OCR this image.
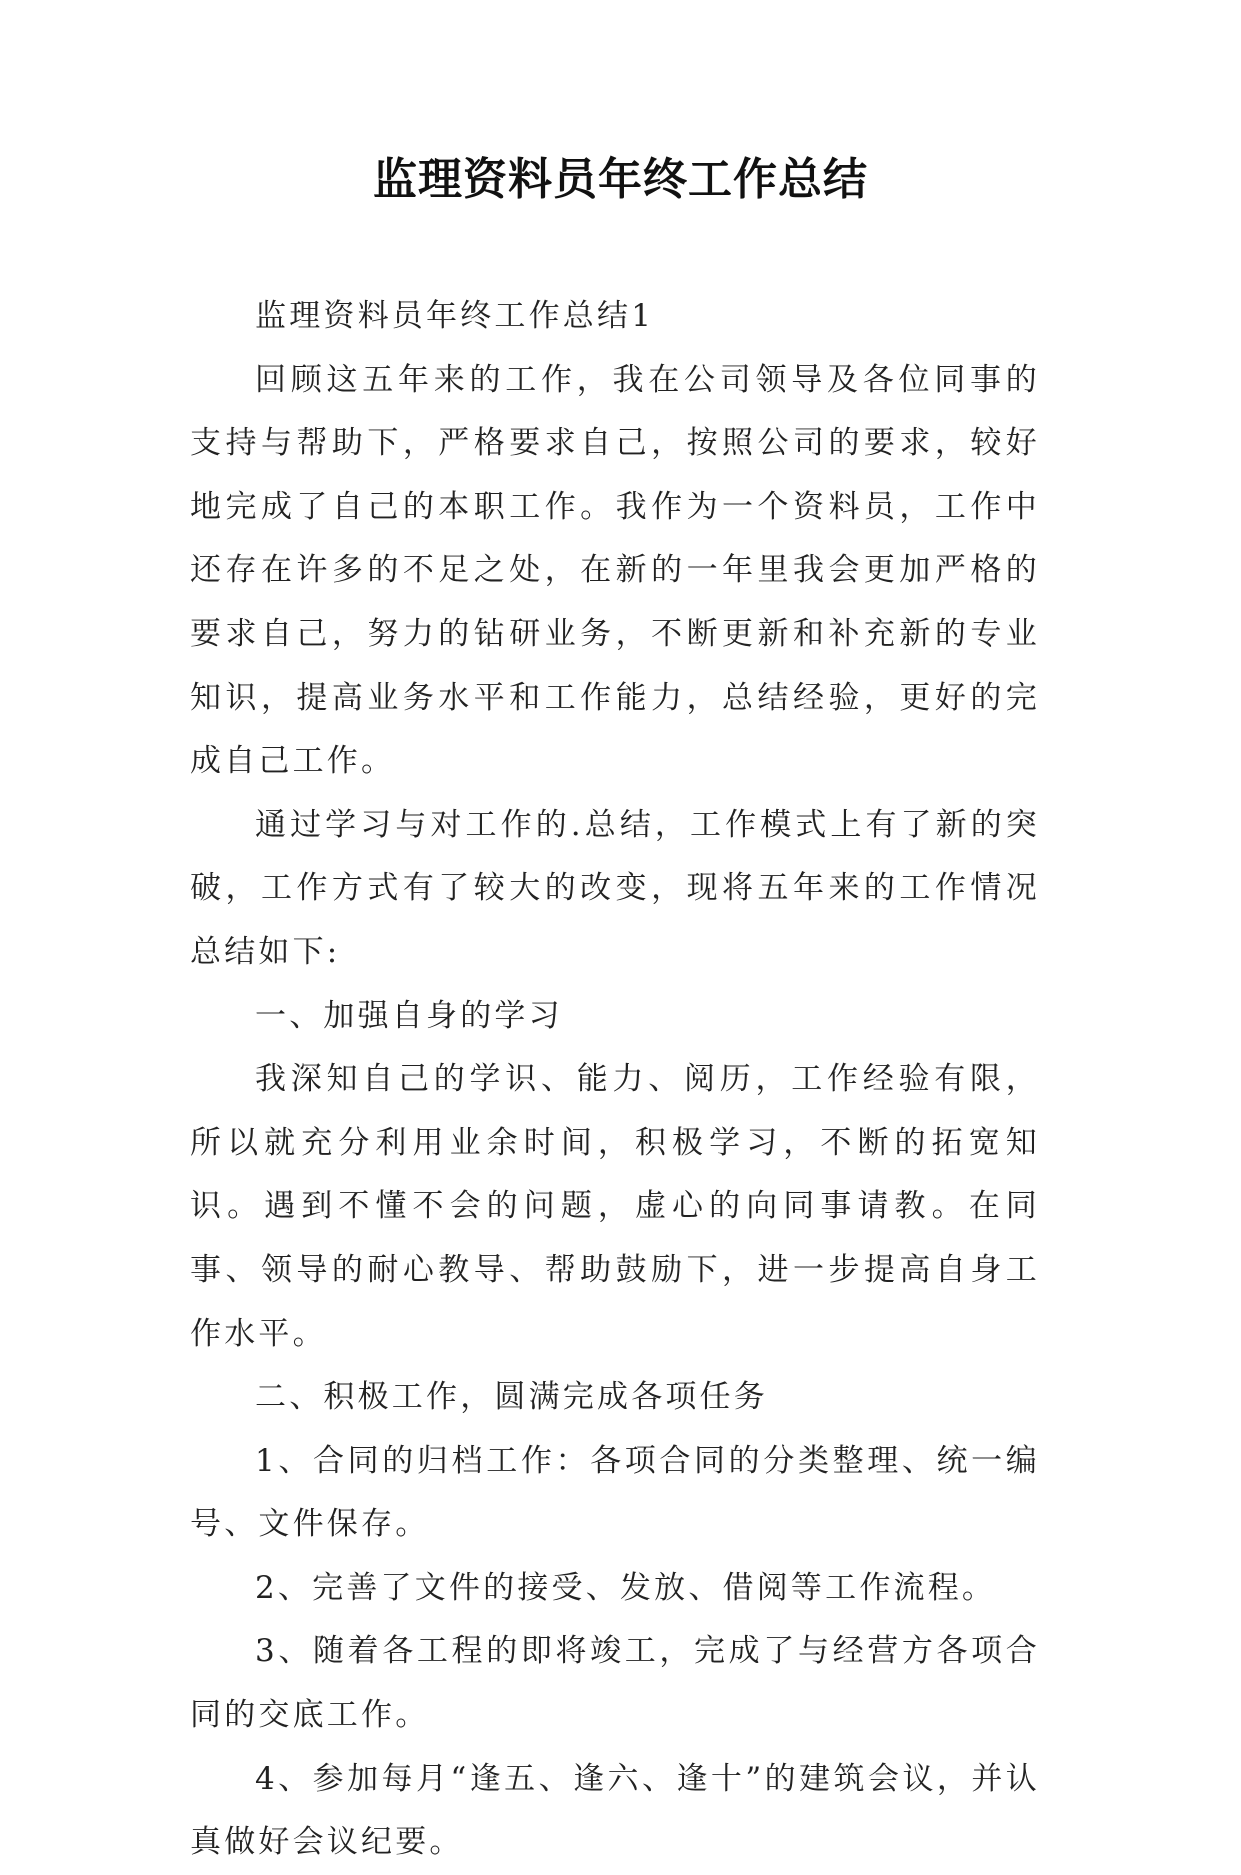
监理资料员年终工作总结

监理资料员年终工作总结1

回顾这五年来的工作，我在公司领导及各位同事的支持与帮助下，严格要求自己，按照公司的要求，较好地完成了自己的本职工作。我作为一个资料员，工作中还存在许多的不足之处，在新的一年里我会更加严格的要求自己，努力的钻研业务，不断更新和补充新的专业知识，提高业务水平和工作能力，总结经验，更好的完成自己工作。

通过学习与对工作的.总结，工作模式上有了新的突破，工作方式有了较大的改变，现将五年来的工作情况总结如下:

一、加强自身的学习

我深知自己的学识、能力、阅历，工作经验有限，所以就充分利用业余时间，积极学习，不断的拓宽知识。遇到不懂不会的问题，虚心的向同事请教。在同事、领导的耐心教导、帮助鼓励下，进一步提高自身工作水平。

二、积极工作，圆满完成各项任务

1、合同的归档工作：各项合同的分类整理、统一编号、文件保存。

2、完善了文件的接受、发放、借阅等工作流程。

3、随着各工程的即将竣工，完成了与经营方各项合同的交底工作。

4、参加每月“逢五、逢六、逢十”的建筑会议，并认真做好会议纪要。
